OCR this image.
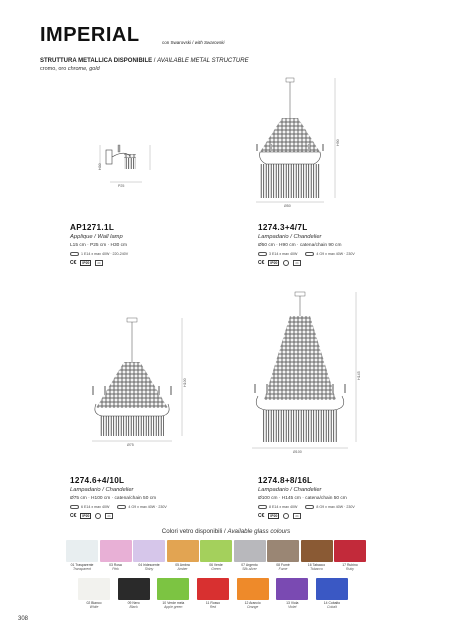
IMPERIAL	con Swarovski / with Swarovski
STRUTTURA METALLICA DISPONIBILE / AVAILABLE METAL STRUCTURE
cromo, oro chrome, gold
H30
P25
Ø50
H90
Ø75
H100
Ø100
H145
AP1271.1L
Applique / Wall lamp
L15 cm · P25 cm · H30 cm
1 E14 x max 40W · 220-240V
C€	IP20	▭
1274.3+4/7L
Lampadario / Chandelier
Ø50 cm · H90 cm · catena/chain 90 cm
3 E14 x max 40W	4 G9 x max 40W · 230V
C€	IP20	▭
1274.6+4/10L
Lampadario / Chandelier
Ø75 cm · H100 cm · catena/chain 50 cm
6 E14 x max 40W	4 G9 x max 40W · 230V
C€	IP20	▭
1274.8+8/16L
Lampadario / Chandelier
Ø100 cm · H145 cm · catena/chain 50 cm
8 E14 x max 40W	8 G9 x max 40W · 230V
C€	IP20	▭
Colori vetro disponibili / Available glass colours
01 Trasparente
Transparent
03 Rosa
Pink
04 Iridescente
Shiny
05 Ambra
Amber
06 Verde
Green
07 Argento
Silk-silver
08 Fumè
Fume
16 Tabacco
Tobacco
17 Rubino
Ruby
02 Bianco
White
09 Nero
Black
10 Verde mela
Apple green
11 Rosso
Red
12 Arancio
Orange
13 Viola
Violet
14 Cobalto
Cobalt
308
